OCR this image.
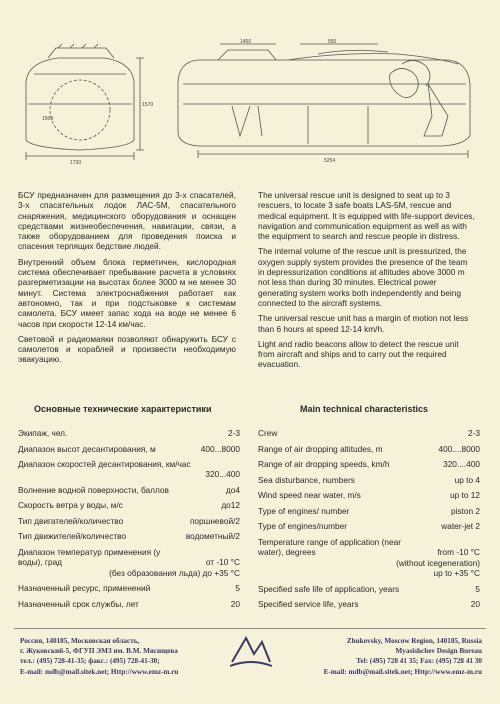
1450	550
1500
1570
1730	5254

БСУ предназначен для размещения до 3-х спасателей, 3-х спасательных лодок ЛАС-5М, спасательного снаряжения, медицинского оборудования и оснащен средствами жизнеобеспечения, навигации, связи, а также оборудованием для проведения поиска и спасения терпящих бедствие людей.

Внутренний объем блока герметичен, кислородная система обеспечивает пребывание расчета в условиях разгерметизации на высотах более 3000 м не менее 30 минут. Система электроснабжения работает как автономно, так и при подстыковке к системам самолета. БСУ имеет запас хода на воде не менее 6 часов при скорости 12-14 км/час.

Световой и радиомаяки позволяют обнаружить БСУ с самолетов и кораблей и произвести необходимую эвакуацию.

The universal rescue unit is designed to seat up to 3 rescuers, to locate 3 safe boats LAS-5M, rescue and medical equipment. It is equipped with life-support devices, navigation and communication equipment as well as with the equipment to search and rescue people in distress.

The internal volume of the rescue unit is pressurized, the oxygen supply system provides the presence of the team in depressurization conditions at altitudes above 3000 m not less than during 30 minutes. Electrical power generating system works both independently and being connected to the aircraft systems.

The universal rescue unit has a margin of motion not less than 6 hours at speed 12-14 km/h.

Light and radio beacons allow to detect the rescue unit from aircraft and ships and to carry out the required evacuation.

Основные технические характеристики	Main technical characteristics
Экипаж, чел.	2-3
Диапазон высот десантирования, м	400...8000
Диапазон скоростей десантирования, км/час
320...400
Волнение водной поверхности, баллов	до4
Скорость ветра у воды, м/с	до12
Тип двигателей/количество	поршневой/2
Тип движителей/количество	водометный/2
Диапазон температур применения (у воды), град	от -10 °С
(без образования льда) до +35 °С
Назначенный ресурс, применений	5
Назначенный срок службы, лет	20
Crew	2-3
Range of air dropping altitudes, m	400....8000
Range of air dropping speeds, km/h	320....400
Sea disturbance, numbers	up to 4
Wind speed near water, m/s	up to 12
Type of engines/ number	piston 2
Type of engines/number	water-jet 2
Temperature range of application (near water), degrees	from -10 °C
(without icegeneration)
up to +35 °C
Specified safe life of application, years	5
Specified service life, years	20
Россия, 140185, Московская область,
г. Жуковский-5, ФГУП ЭМЗ им. В.М. Мясищева
тел.: (495) 728-41-35; факс.: (495) 728-41-30;
E-mail: mdb@mail.sitek.net; Http://www.emz-m.ru
Zhukovsky, Moscow Region, 140185, Russia
Myasishchev Design Bureau
Tel: (495) 728 41 35; Fax: (495) 728 41 30
E-mail: mdb@mail.sitek.net; Http://www.emz-m.ru
